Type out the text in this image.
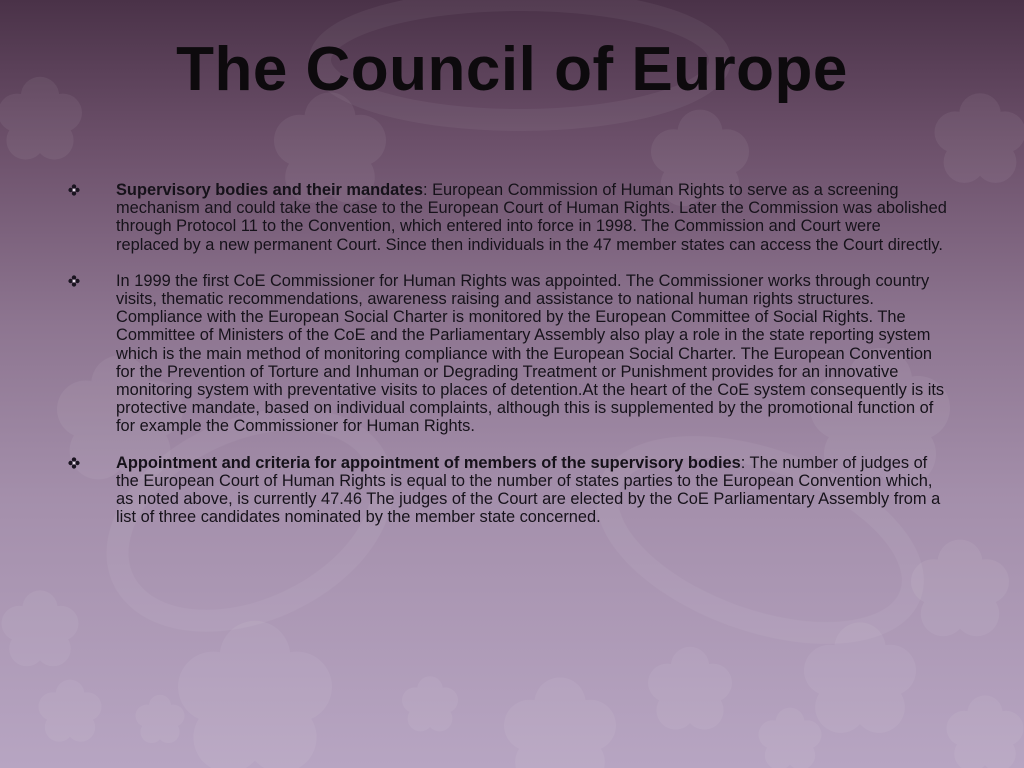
The Council of Europe
Supervisory bodies and their mandates: European Commission of Human Rights to serve as a screening mechanism and could take the case to the European Court of Human Rights. Later the Commission was abolished through Protocol 11 to the Convention, which entered into force in 1998. The Commission and Court were replaced by a new permanent Court. Since then individuals in the 47 member states can access the Court directly.
In 1999 the first CoE Commissioner for Human Rights was appointed. The Commissioner works through country visits, thematic recommendations, awareness raising and assistance to national human rights structures. Compliance with the European Social Charter is monitored by the European Committee of Social Rights. The Committee of Ministers of the CoE and the Parliamentary Assembly also play a role in the state reporting system which is the main method of monitoring compliance with the European Social Charter. The European Convention for the Prevention of Torture and Inhuman or Degrading Treatment or Punishment provides for an innovative monitoring system with preventative visits to places of detention.At the heart of the CoE system consequently is its protective mandate, based on individual complaints, although this is supplemented by the promotional function of for example the Commissioner for Human Rights.
Appointment and criteria for appointment of members of the supervisory bodies: The number of judges of the European Court of Human Rights is equal to the number of states parties to the European Convention which, as noted above, is currently 47.46 The judges of the Court are elected by the CoE Parliamentary Assembly from a list of three candidates nominated by the member state concerned.
